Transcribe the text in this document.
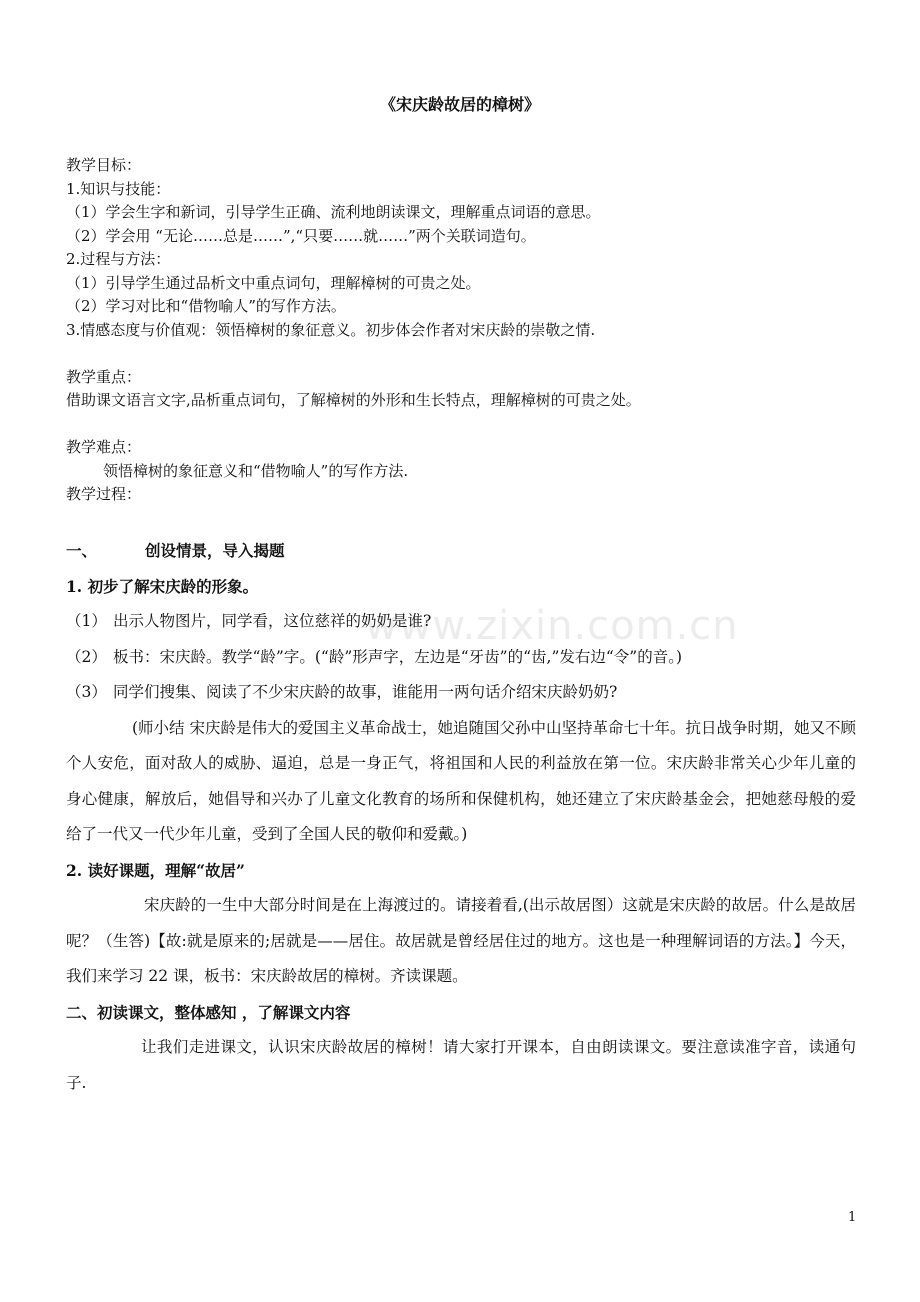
www.zixin.com.cn
《宋庆龄故居的樟树》

教学目标：

1.知识与技能：

（1）学会生字和新词，引导学生正确、流利地朗读课文，理解重点词语的意思。

（2）学会用 “无论……总是……”,“只要……就……”两个关联词造句。

2.过程与方法：

（1）引导学生通过品析文中重点词句，理解樟树的可贵之处。

（2）学习对比和“借物喻人”的写作方法。

3.情感态度与价值观：领悟樟树的象征意义。初步体会作者对宋庆龄的崇敬之情.

教学重点：

借助课文语言文字,品析重点词句，了解樟树的外形和生长特点，理解樟树的可贵之处。

教学难点：

领悟樟树的象征意义和“借物喻人”的写作方法.

教学过程：

一、	创设情景，导入揭题

1. 初步了解宋庆龄的形象。

（1） 出示人物图片，同学看，这位慈祥的奶奶是谁?
（2） 板书：宋庆龄。教学“龄”字。(“龄”形声字，左边是“牙齿”的“齿,”发右边“令”的音。)
（3） 同学们搜集、阅读了不少宋庆龄的故事，谁能用一两句话介绍宋庆龄奶奶?

(师小结 宋庆龄是伟大的爱国主义革命战士，她追随国父孙中山坚持革命七十年。抗日战争时期，她又不顾个人安危，面对敌人的威胁、逼迫，总是一身正气，将祖国和人民的利益放在第一位。宋庆龄非常关心少年儿童的身心健康，解放后，她倡导和兴办了儿童文化教育的场所和保健机构，她还建立了宋庆龄基金会，把她慈母般的爱给了一代又一代少年儿童，受到了全国人民的敬仰和爱戴。)

2. 读好课题，理解“故居”

宋庆龄的一生中大部分时间是在上海渡过的。请接着看,(出示故居图）这就是宋庆龄的故居。什么是故居呢？（生答)【故:就是原来的;居就是——居住。故居就是曾经居住过的地方。这也是一种理解词语的方法。】今天，我们来学习 22 课，板书：宋庆龄故居的樟树。齐读课题。

二、初读课文，整体感知 ，了解课文内容

让我们走进课文，认识宋庆龄故居的樟树！请大家打开课本，自由朗读课文。要注意读准字音，读通句子.

1
